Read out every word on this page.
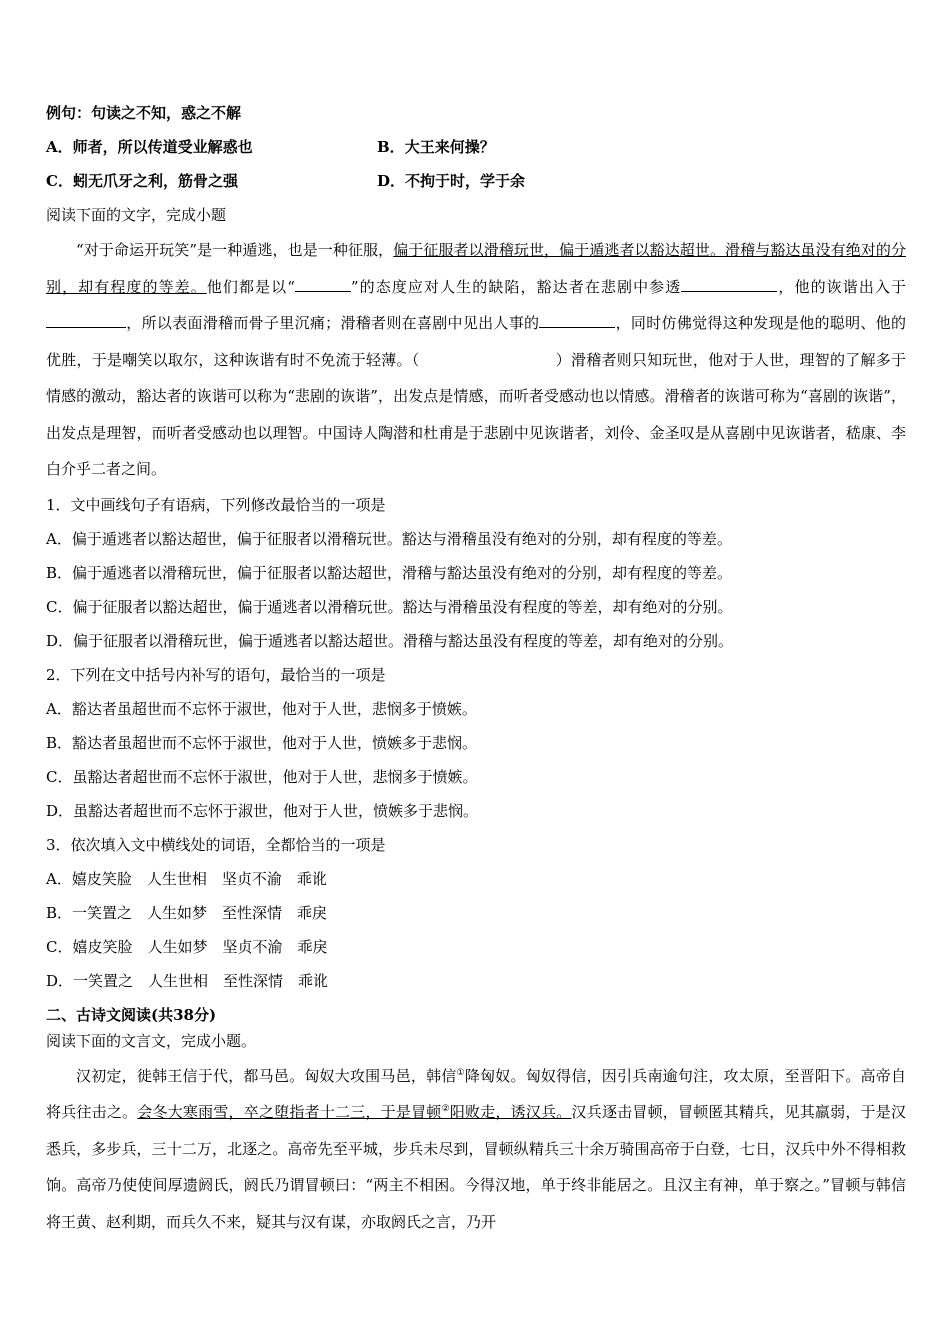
例句：句读之不知，惑之不解
A．师者，所以传道受业解惑也	B．大王来何操？
C．蚓无爪牙之利，筋骨之强	D．不拘于时，学于余
阅读下面的文字，完成小题

“对于命运开玩笑”是一种遁逃，也是一种征服，偏于征服者以滑稽玩世，偏于遁逃者以豁达超世。滑稽与豁达虽没有绝对的分别，却有程度的等差。他们都是以“	”的态度应对人生的缺陷，豁达者在悲剧中参透	，他的诙谐出入于，所以表面滑稽而骨子里沉痛；滑稽者则在喜剧中见出人事的	，同时仿佛觉得这种发现是他的聪明、他的优胜，于是嘲笑以取尔，这种诙谐有时不免流于轻薄。（	）滑稽者则只知玩世，他对于人世，理智的了解多于情感的激动，豁达者的诙谐可以称为“悲剧的诙谐”，出发点是情感，而听者受感动也以情感。滑稽者的诙谐可称为“喜剧的诙谐”，出发点是理智，而听者受感动也以理智。中国诗人陶潜和杜甫是于悲剧中见诙谐者，刘伶、金圣叹是从喜剧中见诙谐者，嵇康、李白介乎二者之间。

1．文中画线句子有语病，下列修改最恰当的一项是
A．偏于遁逃者以豁达超世，偏于征服者以滑稽玩世。豁达与滑稽虽没有绝对的分别，却有程度的等差。
B．偏于遁逃者以滑稽玩世，偏于征服者以豁达超世，滑稽与豁达虽没有绝对的分别，却有程度的等差。
C．偏于征服者以豁达超世，偏于遁逃者以滑稽玩世。豁达与滑稽虽没有程度的等差，却有绝对的分别。
D．偏于征服者以滑稽玩世，偏于遁逃者以豁达超世。滑稽与豁达虽没有程度的等差，却有绝对的分别。
2．下列在文中括号内补写的语句，最恰当的一项是
A．豁达者虽超世而不忘怀于淑世，他对于人世，悲悯多于愤嫉。
B．豁达者虽超世而不忘怀于淑世，他对于人世，愤嫉多于悲悯。
C．虽豁达者超世而不忘怀于淑世，他对于人世，悲悯多于愤嫉。
D．虽豁达者超世而不忘怀于淑世，他对于人世，愤嫉多于悲悯。
3．依次填入文中横线处的词语，全都恰当的一项是
A．嬉皮笑脸　人生世相　坚贞不渝　乖讹
B．一笑置之　人生如梦　至性深情　乖戾
C．嬉皮笑脸　人生如梦　坚贞不渝　乖戾
D．一笑置之　人生世相　至性深情　乖讹
二、古诗文阅读(共38分)
阅读下面的文言文，完成小题。

汉初定，徙韩王信于代，都马邑。匈奴大攻围马邑，韩信①降匈奴。匈奴得信，因引兵南逾句注，攻太原，至晋阳下。高帝自将兵往击之。会冬大寒雨雪，卒之堕指者十二三，于是冒顿②阳败走，诱汉兵。汉兵逐击冒顿，冒顿匿其精兵，见其羸弱，于是汉悉兵，多步兵，三十二万，北逐之。高帝先至平城，步兵未尽到，冒顿纵精兵三十余万骑围高帝于白登，七日，汉兵中外不得相救饷。高帝乃使使间厚遗阏氏，阏氏乃谓冒顿曰：“两主不相困。今得汉地，单于终非能居之。且汉主有神，单于察之。”冒顿与韩信将王黄、赵利期，而兵久不来，疑其与汉有谋，亦取阏氏之言，乃开
